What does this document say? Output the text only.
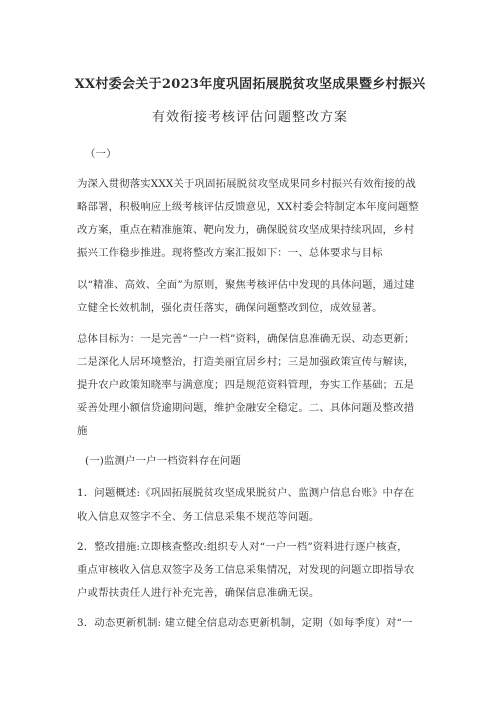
XX村委会关于2023年度巩固拓展脱贫攻坚成果暨乡村振兴
有效衔接考核评估问题整改方案
（一）
为深入贯彻落实XXX关于巩固拓展脱贫攻坚成果同乡村振兴有效衔接的战
略部署，积极响应上级考核评估反馈意见，XX村委会特制定本年度问题整
改方案，重点在精准施策、靶向发力，确保脱贫攻坚成果持续巩固，乡村
振兴工作稳步推进。现将整改方案汇报如下：一、总体要求与目标
以“精准、高效、全面”为原则，聚焦考核评估中发现的具体问题，通过建
立健全长效机制，强化责任落实，确保问题整改到位，成效显著。
总体目标为：一是完善“一户一档”资料，确保信息准确无误、动态更新；
二是深化人居环境整治，打造美丽宜居乡村；三是加强政策宣传与解读，
提升农户政策知晓率与满意度；四是规范资料管理，夯实工作基础；五是
妥善处理小额信贷逾期问题，维护金融安全稳定。二、具体问题及整改措
施
(一)监测户一户一档资料存在问题
1．问题概述:《巩固拓展脱贫攻坚成果脱贫户、监测户信息台账》中存在
收入信息双签字不全、务工信息采集不规范等问题。
2．整改措施:立即核查整改:组织专人对“一户一档”资料进行逐户核查，
重点审核收入信息双签字及务工信息采集情况，对发现的问题立即指导农
户或帮扶责任人进行补充完善，确保信息准确无误。
3．动态更新机制: 建立健全信息动态更新机制，定期（如每季度）对“一
